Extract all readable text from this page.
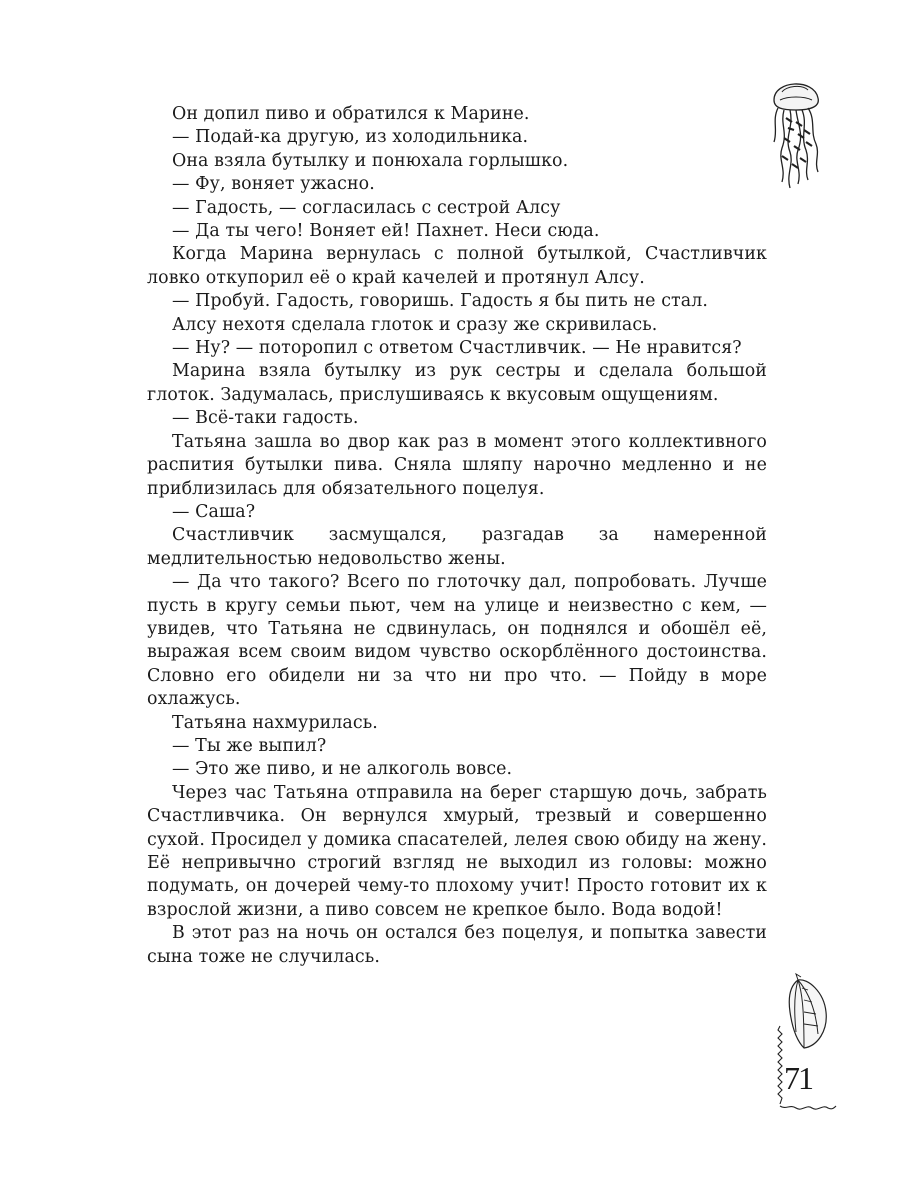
Он допил пиво и обратился к Марине.

— Подай-ка другую, из холодильника.

Она взяла бутылку и понюхала горлышко.

— Фу, воняет ужасно.

— Гадость, — согласилась с сестрой Алсу

— Да ты чего! Воняет ей! Пахнет. Неси сюда.

Когда Марина вернулась с полной бутылкой, Счастливчик ловко откупорил её о край качелей и протянул Алсу.

— Пробуй. Гадость, говоришь. Гадость я бы пить не стал.

Алсу нехотя сделала глоток и сразу же скривилась.

— Ну? — поторопил с ответом Счастливчик. — Не нравится?

Марина взяла бутылку из рук сестры и сделала большой глоток. Задумалась, прислушиваясь к вкусовым ощущениям.

— Всё-таки гадость.

Татьяна зашла во двор как раз в момент этого коллективного распития бутылки пива. Сняла шляпу нарочно медленно и не приблизилась для обязательного поцелуя.

— Саша?

Счастливчик засмущался, разгадав за намеренной медлительностью недовольство жены.

— Да что такого? Всего по глоточку дал, попробовать. Лучше пусть в кругу семьи пьют, чем на улице и неизвестно с кем, — увидев, что Татьяна не сдвинулась, он поднялся и обошёл её, выражая всем своим видом чувство оскорблённого достоинства. Словно его обидели ни за что ни про что. — Пойду в море охлажусь.

Татьяна нахмурилась.

— Ты же выпил?

— Это же пиво, и не алкоголь вовсе.

Через час Татьяна отправила на берег старшую дочь, забрать Счастливчика. Он вернулся хмурый, трезвый и совершенно сухой. Просидел у домика спасателей, лелея свою обиду на жену. Её непривычно строгий взгляд не выходил из головы: можно подумать, он дочерей чему-то плохому учит! Просто готовит их к взрослой жизни, а пиво совсем не крепкое было. Вода водой!

В этот раз на ночь он остался без поцелуя, и попытка завести сына тоже не случилась.

71
